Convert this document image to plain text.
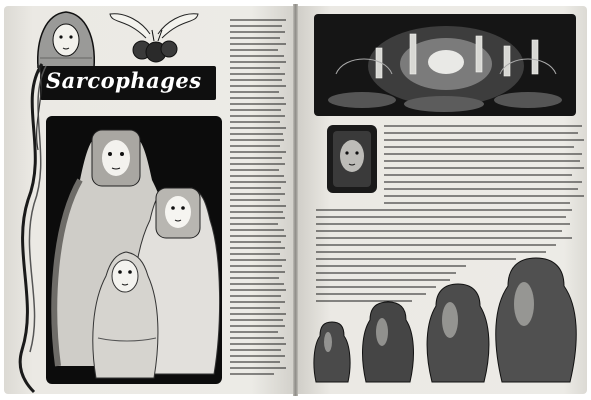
Sarcophages
